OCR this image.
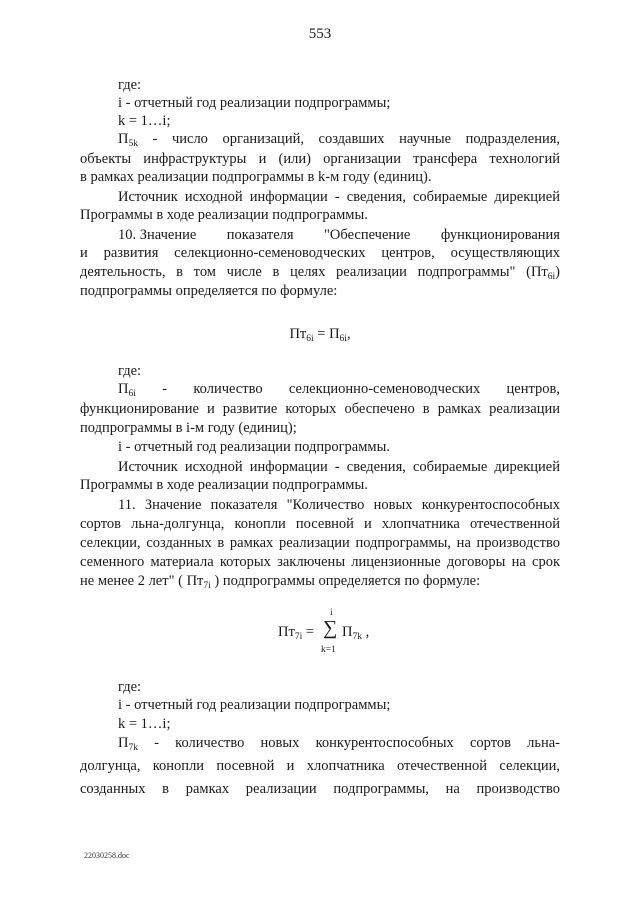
553
где:
i - отчетный год реализации подпрограммы;
k = 1…i;
$П_{5k}$ - число организаций, создавших научные подразделения,
объекты инфраструктуры и (или) организации трансфера технологий
в рамках реализации подпрограммы в k-м году (единиц).
Источник исходной информации - сведения, собираемые дирекцией
Программы в ходе реализации подпрограммы.
10. Значение показателя "Обеспечение функционирования
и развития селекционно-семеноводческих центров, осуществляющих
деятельность, в том числе в целях реализации подпрограммы" $(Пт_{6i})$
подпрограммы определяется по формуле:
$Пт_{6i} = П_{6i}$,
где:
$П_{6i}$ - количество селекционно-семеноводческих центров,
функционирование и развитие которых обеспечено в рамках реализации
подпрограммы в i-м году (единиц);
i - отчетный год реализации подпрограммы.
Источник исходной информации - сведения, собираемые дирекцией
Программы в ходе реализации подпрограммы.
11. Значение показателя "Количество новых конкурентоспособных
сортов льна-долгунца, конопли посевной и хлопчатника отечественной
селекции, созданных в рамках реализации подпрограммы, на производство
семенного материала которых заключены лицензионные договоры на срок
не менее 2 лет" ( $Пт_{7i}$ ) подпрограммы определяется по формуле:
$Пт_{7i}$ =
i
∑
k=1
$П_{7k}$ ,
где:
i - отчетный год реализации подпрограммы;
k = 1…i;
$П_{7k}$ - количество новых конкурентоспособных сортов льна-
долгунца, конопли посевной и хлопчатника отечественной селекции,
созданных в рамках реализации подпрограммы, на производство
22030258.doc
